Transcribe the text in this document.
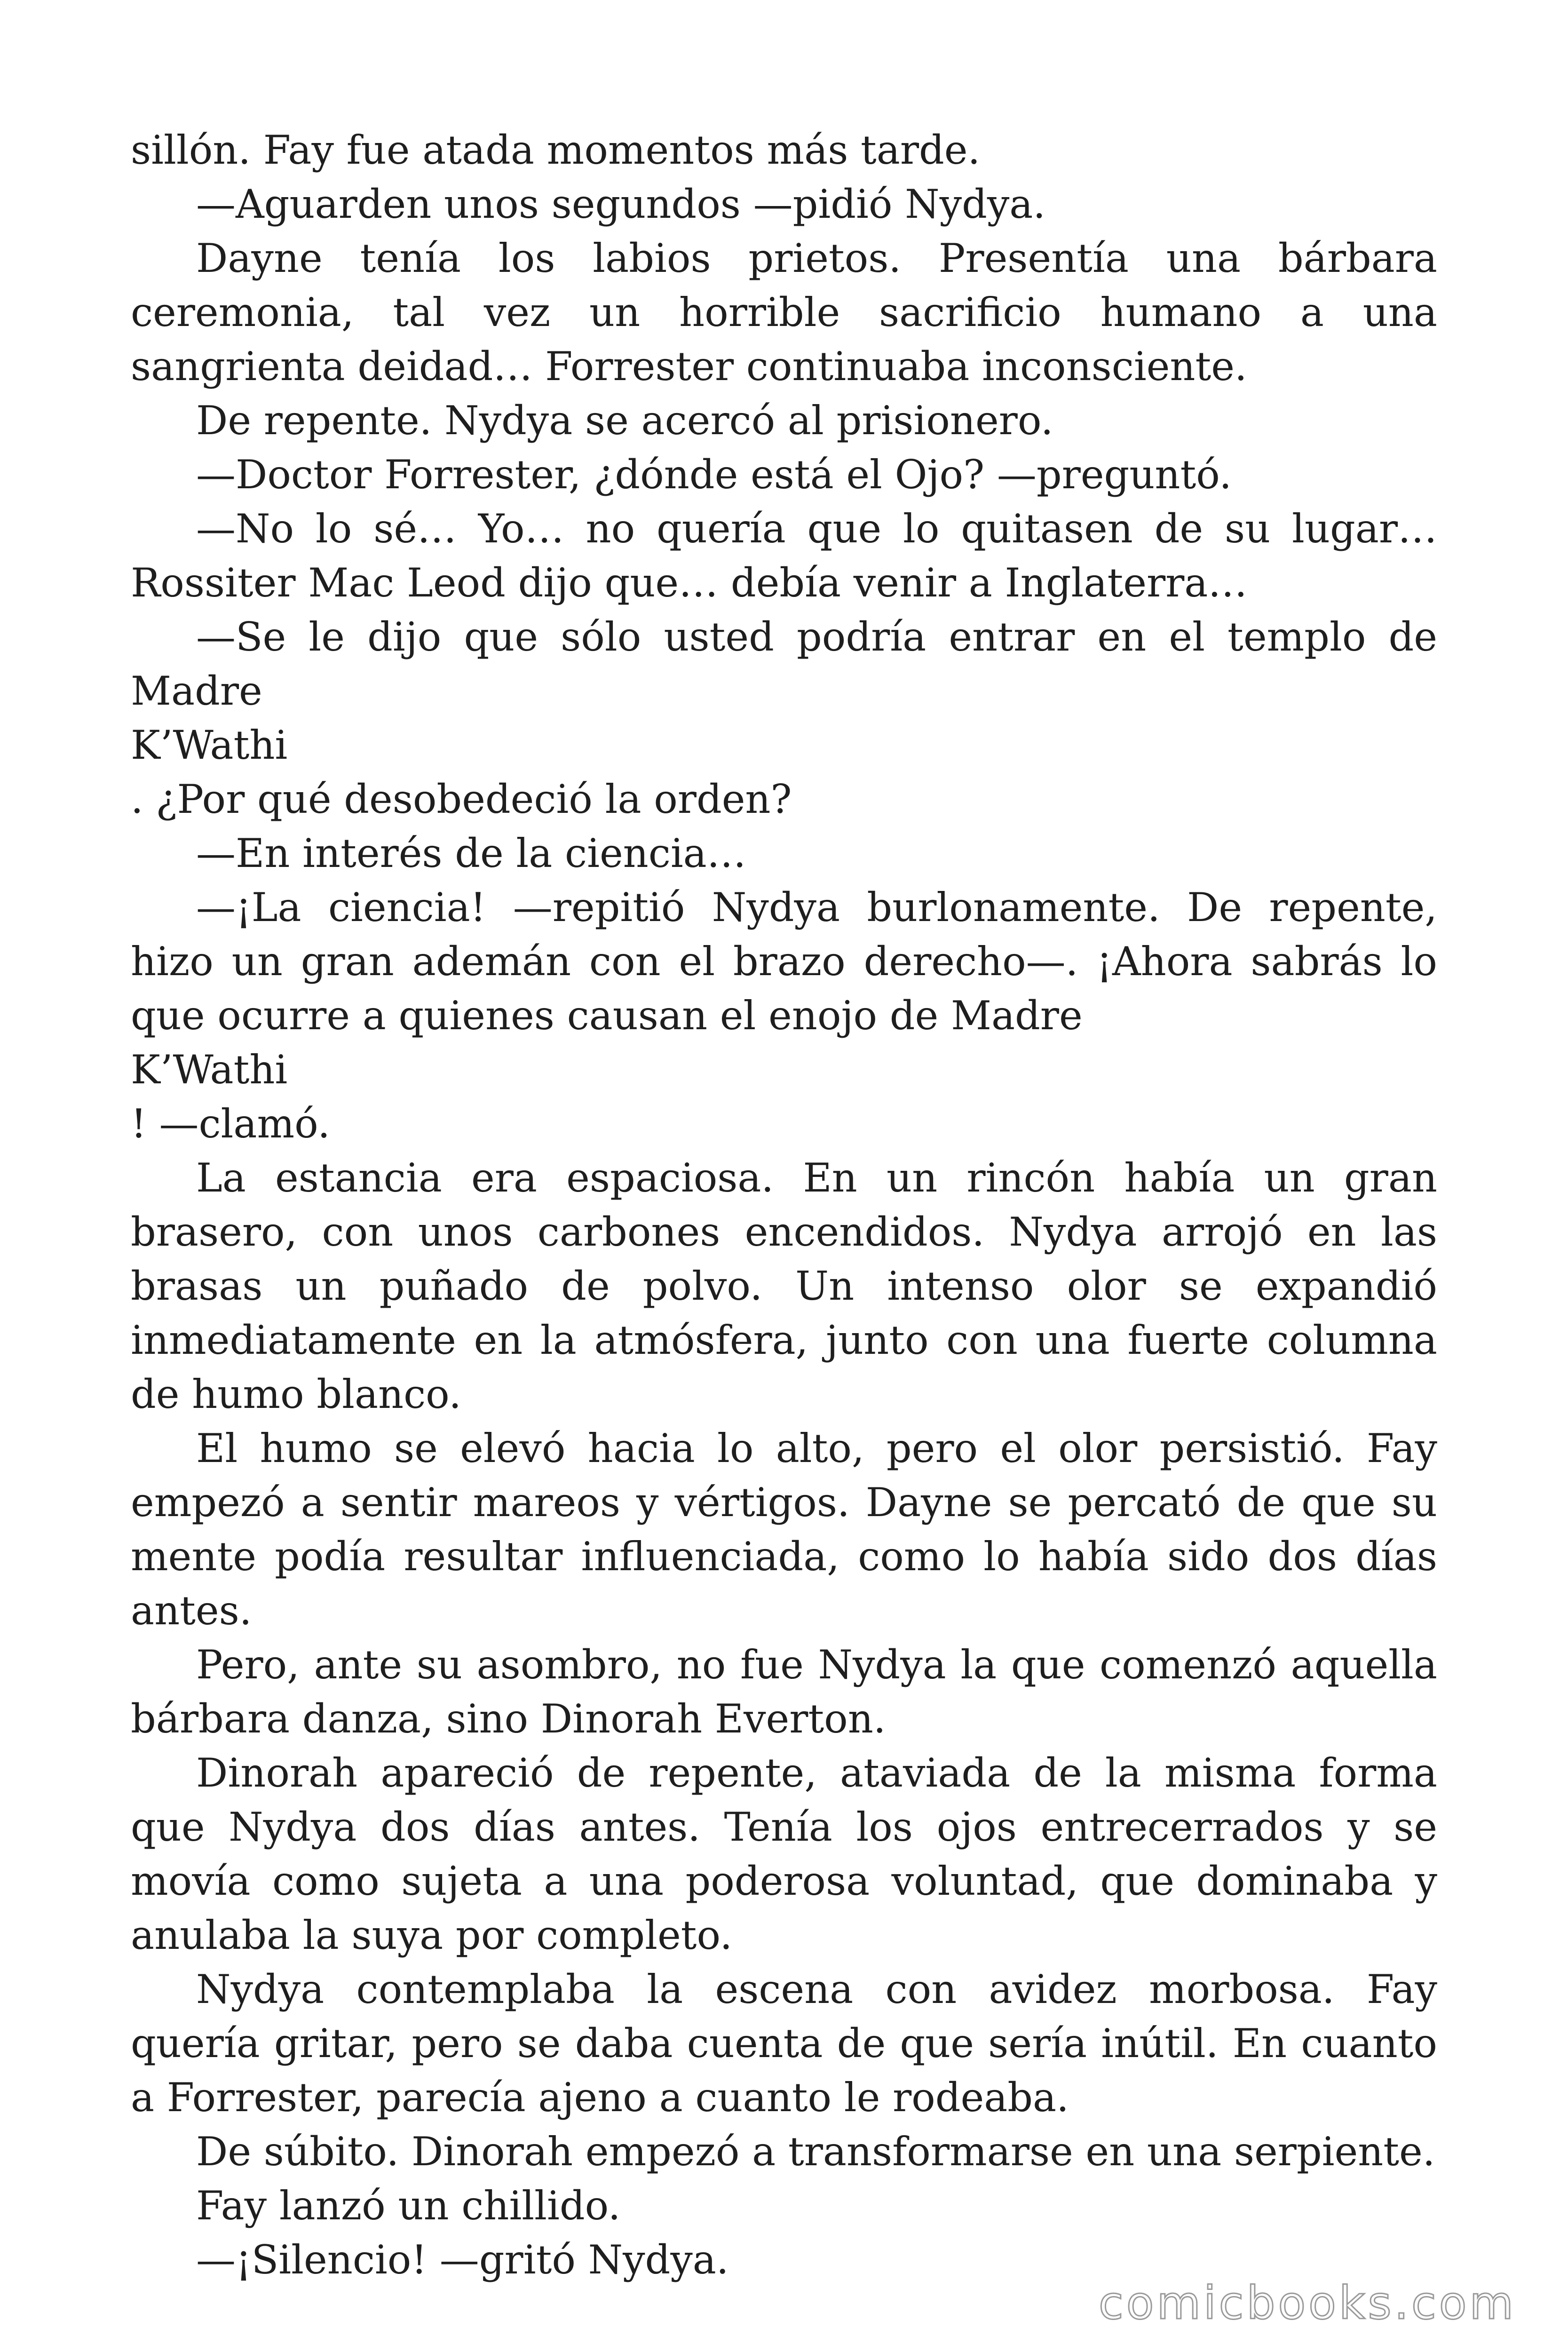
sillón. Fay fue atada momentos más tarde.

—Aguarden unos segundos —pidió Nydya.

Dayne tenía los labios prietos. Presentía una bárbara ceremonia, tal vez un horrible sacrificio humano a una sangrienta deidad… Forrester continuaba inconsciente.

De repente. Nydya se acercó al prisionero.

—Doctor Forrester, ¿dónde está el Ojo? —preguntó.

—No lo sé… Yo… no quería que lo quitasen de su lugar… Rossiter Mac Leod dijo que… debía venir a Inglaterra…

—Se le dijo que sólo usted podría entrar en el templo de Madre

K’Wathi

. ¿Por qué desobedeció la orden?

—En interés de la ciencia…

—¡La ciencia! —repitió Nydya burlonamente. De repente, hizo un gran ademán con el brazo derecho—. ¡Ahora sabrás lo que ocurre a quienes causan el enojo de Madre

K’Wathi

! —clamó.

La estancia era espaciosa. En un rincón había un gran brasero, con unos carbones encendidos. Nydya arrojó en las brasas un puñado de polvo. Un intenso olor se expandió inmediatamente en la atmósfera, junto con una fuerte columna de humo blanco.

El humo se elevó hacia lo alto, pero el olor persistió. Fay empezó a sentir mareos y vértigos. Dayne se percató de que su mente podía resultar influenciada, como lo había sido dos días antes.

Pero, ante su asombro, no fue Nydya la que comenzó aquella bárbara danza, sino Dinorah Everton.

Dinorah apareció de repente, ataviada de la misma forma que Nydya dos días antes. Tenía los ojos entrecerrados y se movía como sujeta a una poderosa voluntad, que dominaba y anulaba la suya por completo.

Nydya contemplaba la escena con avidez morbosa. Fay quería gritar, pero se daba cuenta de que sería inútil. En cuanto a Forrester, parecía ajeno a cuanto le rodeaba.

De súbito. Dinorah empezó a transformarse en una serpiente.

Fay lanzó un chillido.

—¡Silencio! —gritó Nydya.

comicbooks.com
